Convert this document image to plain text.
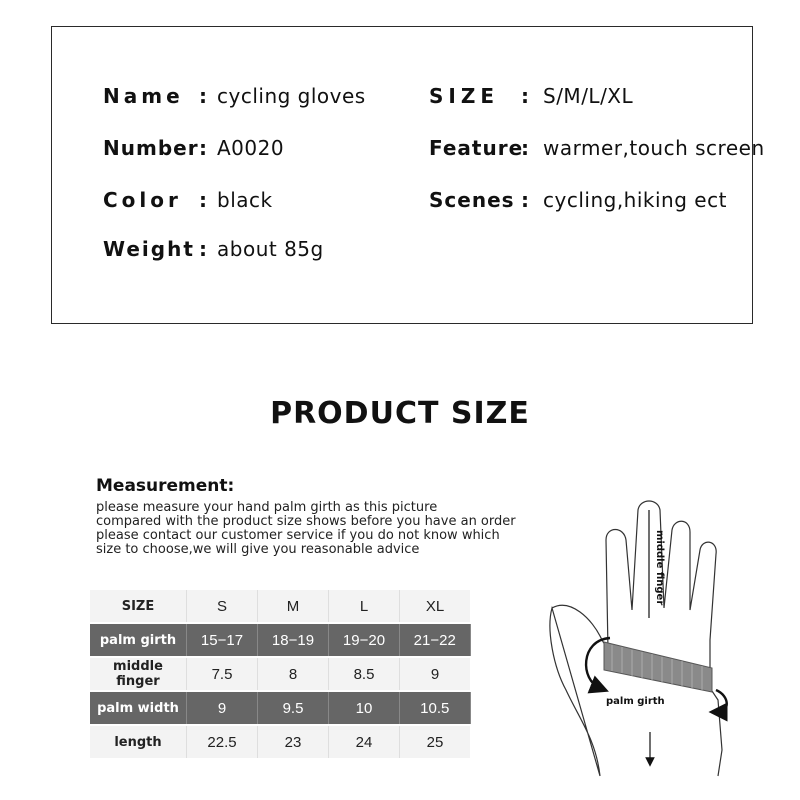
Name : cycling gloves
Number: A0020
Color : black
Weight : about 85g
SIZE : S/M/L/XL
Feature: warmer,touch screen
Scenes : cycling,hiking ect
PRODUCT SIZE
Measurement:
please measure your hand palm girth as this picture
compared with the product size shows before you have an order
please contact our customer service if you do not know which
size to choose,we will give you reasonable advice
SIZE	S	M	L	XL

palm girth	15−17	18−19	19−20	21−22

middle finger	7.5	8	8.5	9

palm width	9	9.5	10	10.5

length	22.5	23	24	25
middle finger
palm girth
